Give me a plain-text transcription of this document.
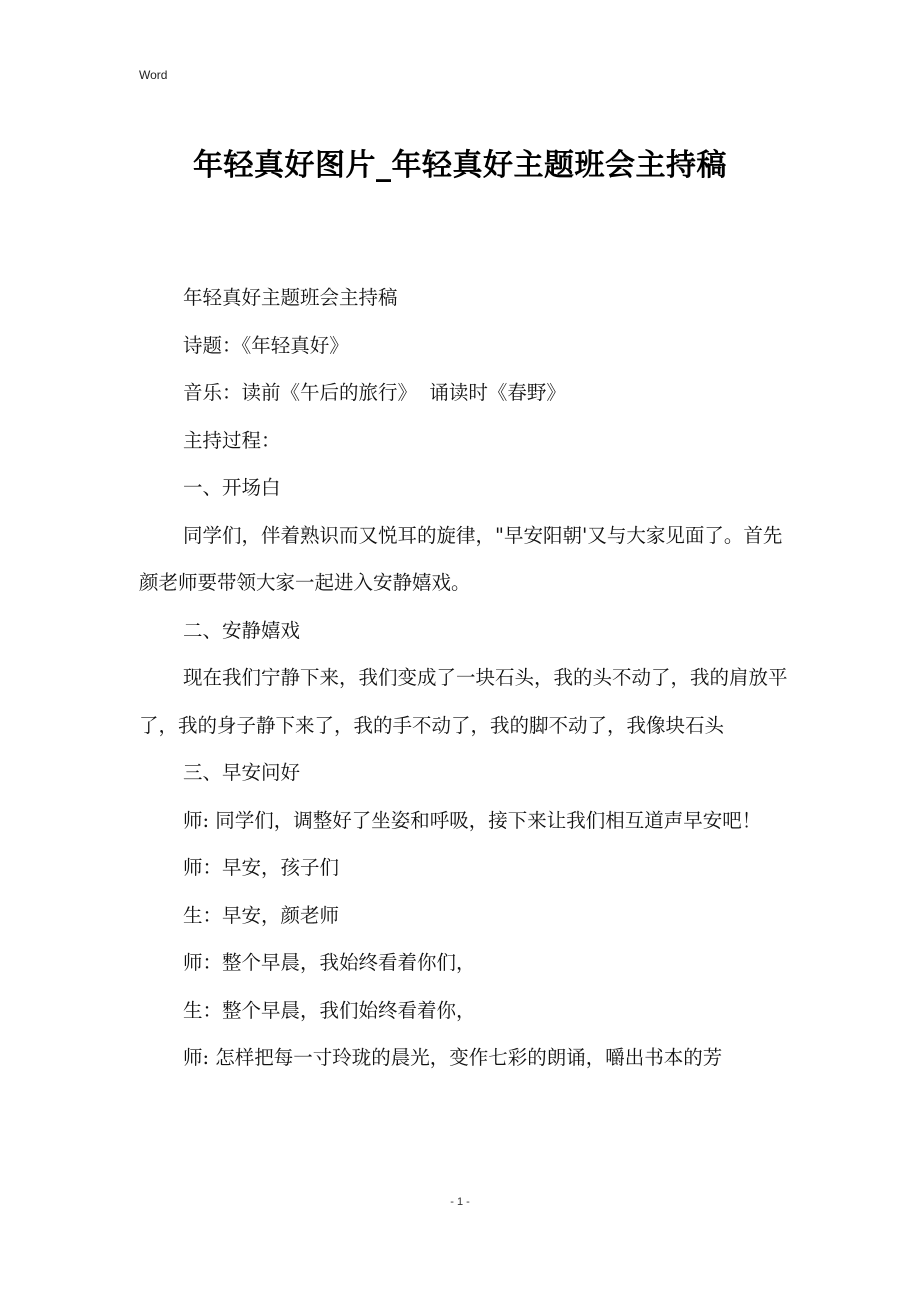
Word
年轻真好图片_年轻真好主题班会主持稿

年轻真好主题班会主持稿

诗题：《年轻真好》

音乐：读前《午后的旅行》  诵读时《春野》

主持过程：

一、开场白

同学们，伴着熟识而又悦耳的旋律，"早安阳朝'又与大家见面了。首先颜老师要带领大家一起进入安静嬉戏。

二、安静嬉戏

现在我们宁静下来，我们变成了一块石头，我的头不动了，我的肩放平了，我的身子静下来了，我的手不动了，我的脚不动了，我像块石头

三、早安问好

师: 同学们，调整好了坐姿和呼吸，接下来让我们相互道声早安吧！

师：早安，孩子们

生：早安，颜老师

师：整个早晨，我始终看着你们，

生：整个早晨，我们始终看着你，

师: 怎样把每一寸玲珑的晨光，变作七彩的朗诵，嚼出书本的芳

- 1 -
